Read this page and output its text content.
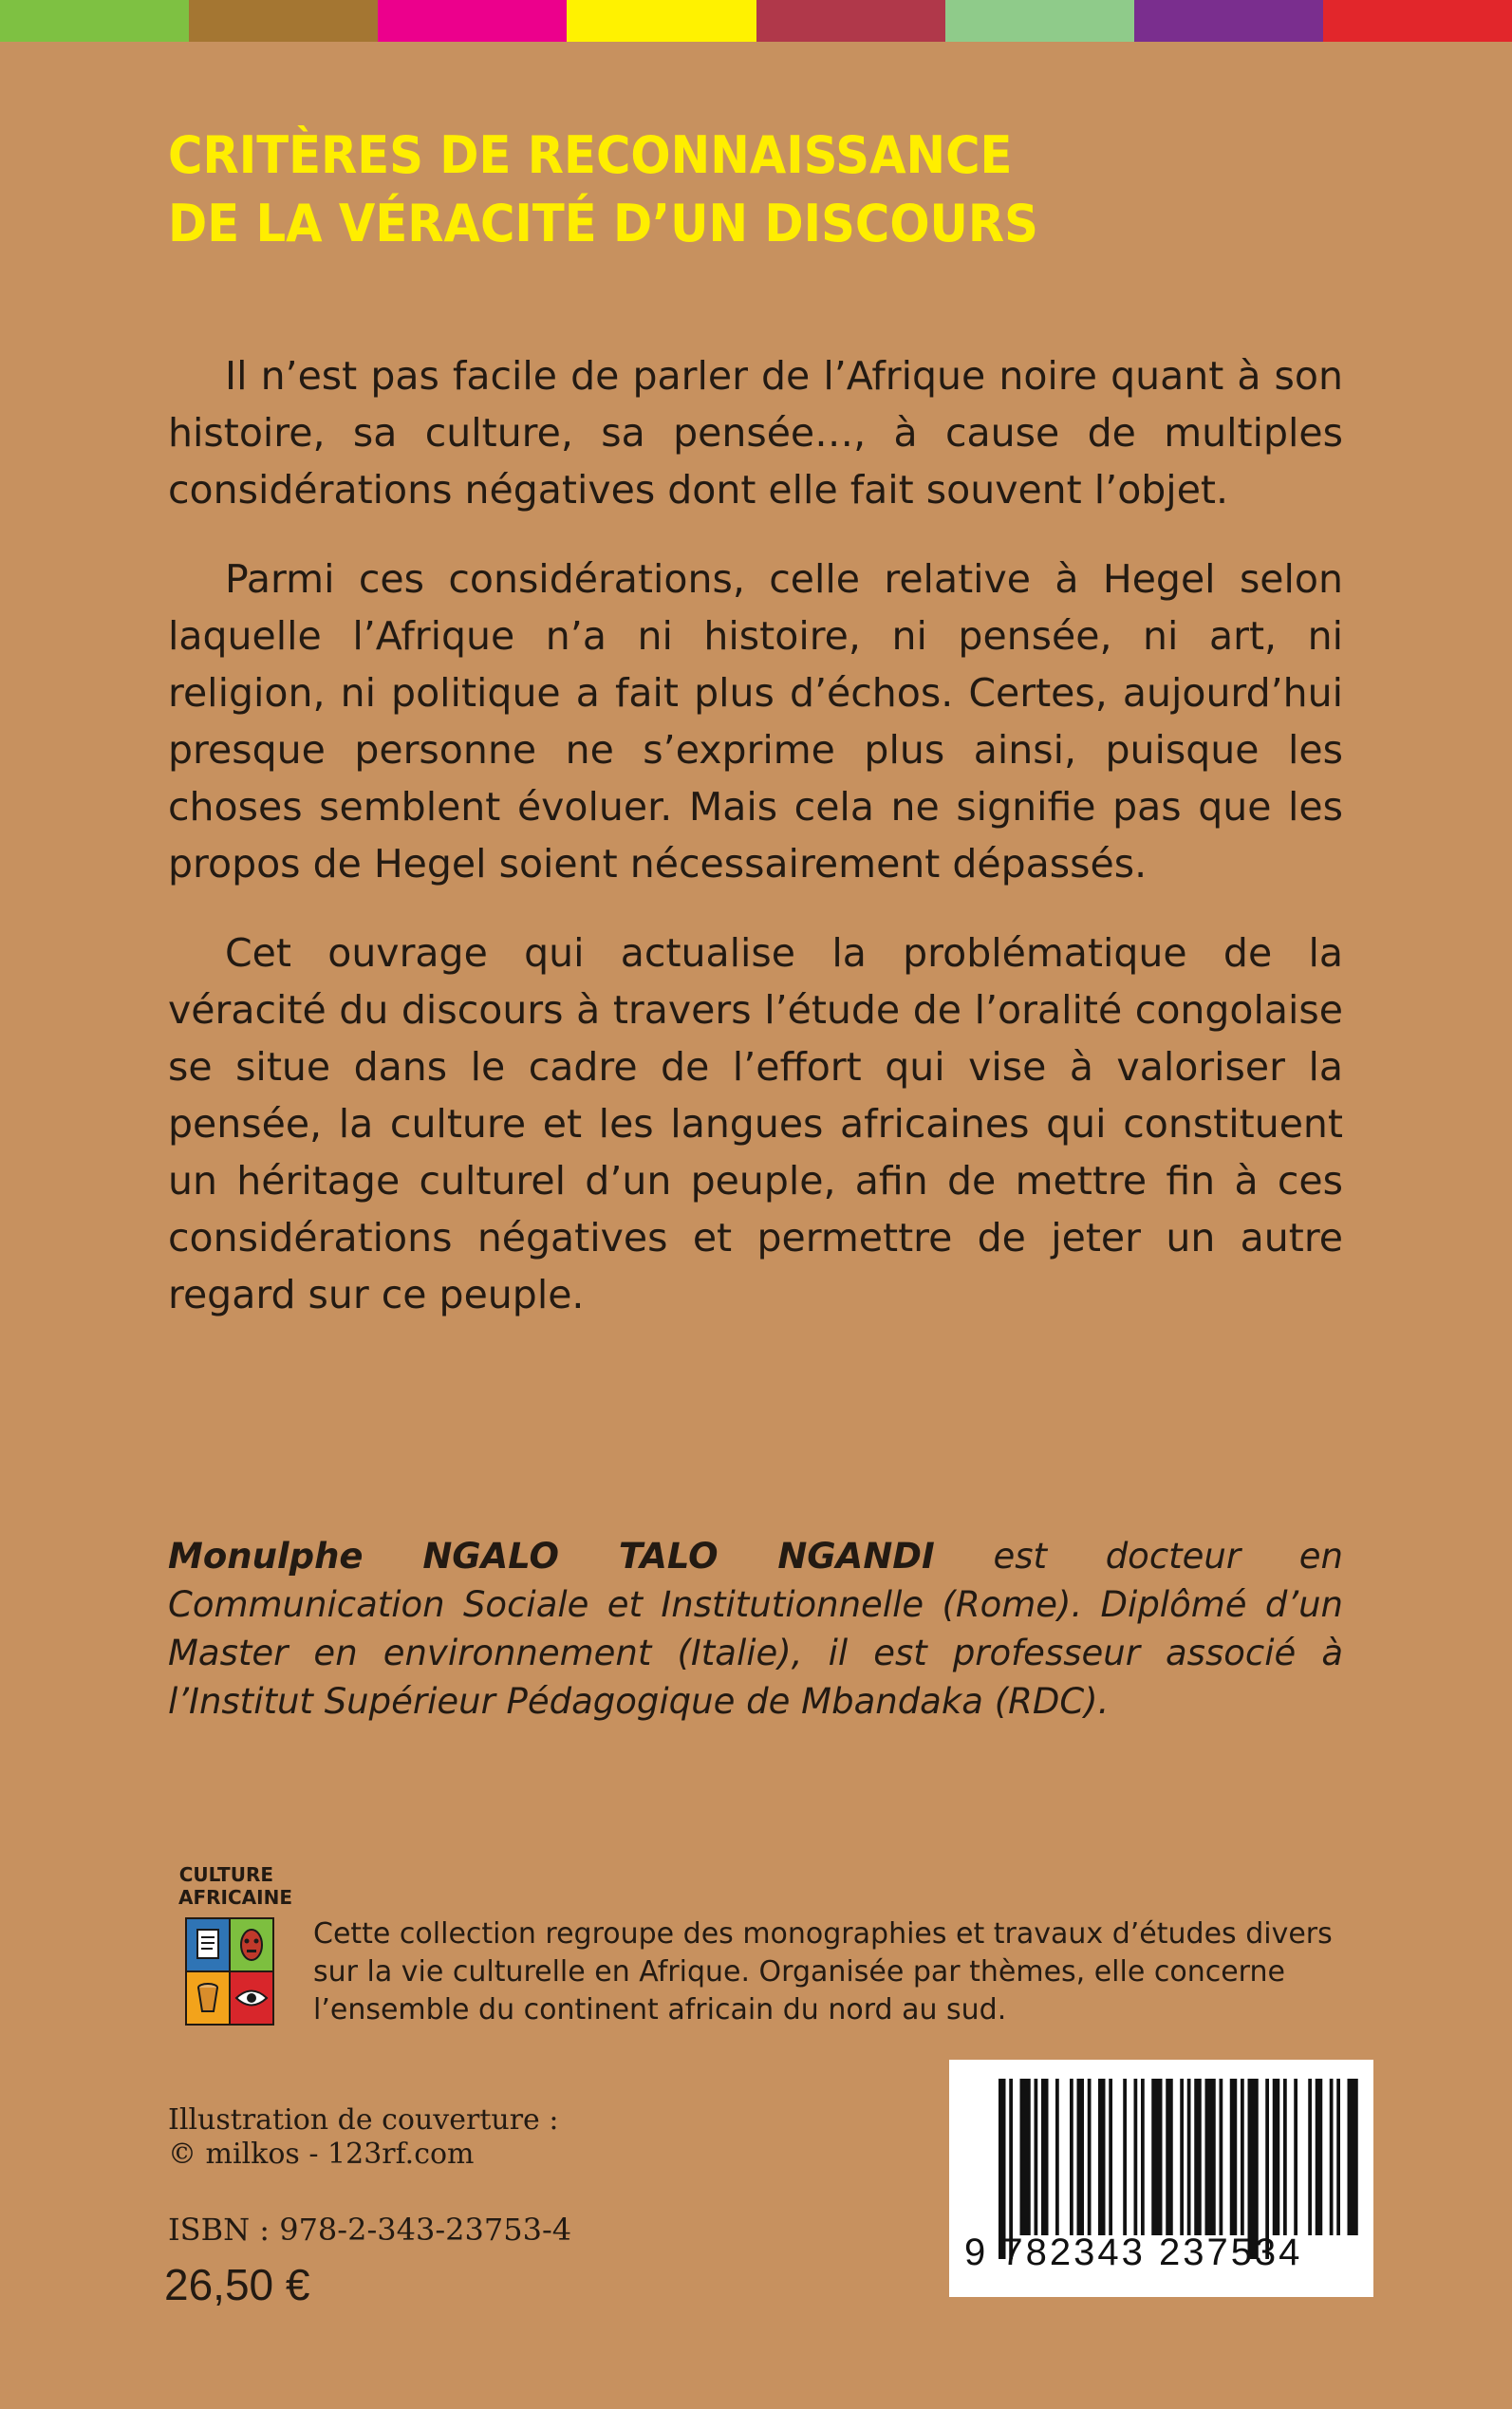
CRITÈRES DE RECONNAISSANCE
DE LA VÉRACITÉ D’UN DISCOURS

Il n’est pas facile de parler de l’Afrique noire quant à son histoire, sa culture, sa pensée…, à cause de multiples considérations négatives dont elle fait souvent l’objet.

Parmi ces considérations, celle relative à Hegel selon laquelle l’Afrique n’a ni histoire, ni pensée, ni art, ni religion, ni politique a fait plus d’échos. Certes, aujourd’hui presque personne ne s’exprime plus ainsi, puisque les choses semblent évoluer. Mais cela ne signifie pas que les propos de Hegel soient nécessairement dépassés.

Cet ouvrage qui actualise la problématique de la véracité du discours à travers l’étude de l’oralité congolaise se situe dans le cadre de l’effort qui vise à valoriser la pensée, la culture et les langues africaines qui constituent un héritage culturel d’un peuple, afin de mettre fin à ces considérations négatives et permettre de jeter un autre regard sur ce peuple.

Monulphe NGALO TALO NGANDI est docteur en Communication Sociale et Institutionnelle (Rome). Diplômé d’un Master en environnement (Italie), il est professeur associé à l’Institut Supérieur Pédagogique de Mbandaka (RDC).
CULTURE
AFRICAINE
Cette collection regroupe des monographies et travaux d’études divers sur la vie culturelle en Afrique. Organisée par thèmes, elle concerne l’ensemble du continent africain du nord au sud.
Illustration de couverture :
© milkos - 123rf.com
ISBN : 978-2-343-23753-4
26,50 €
9 782343 237534
